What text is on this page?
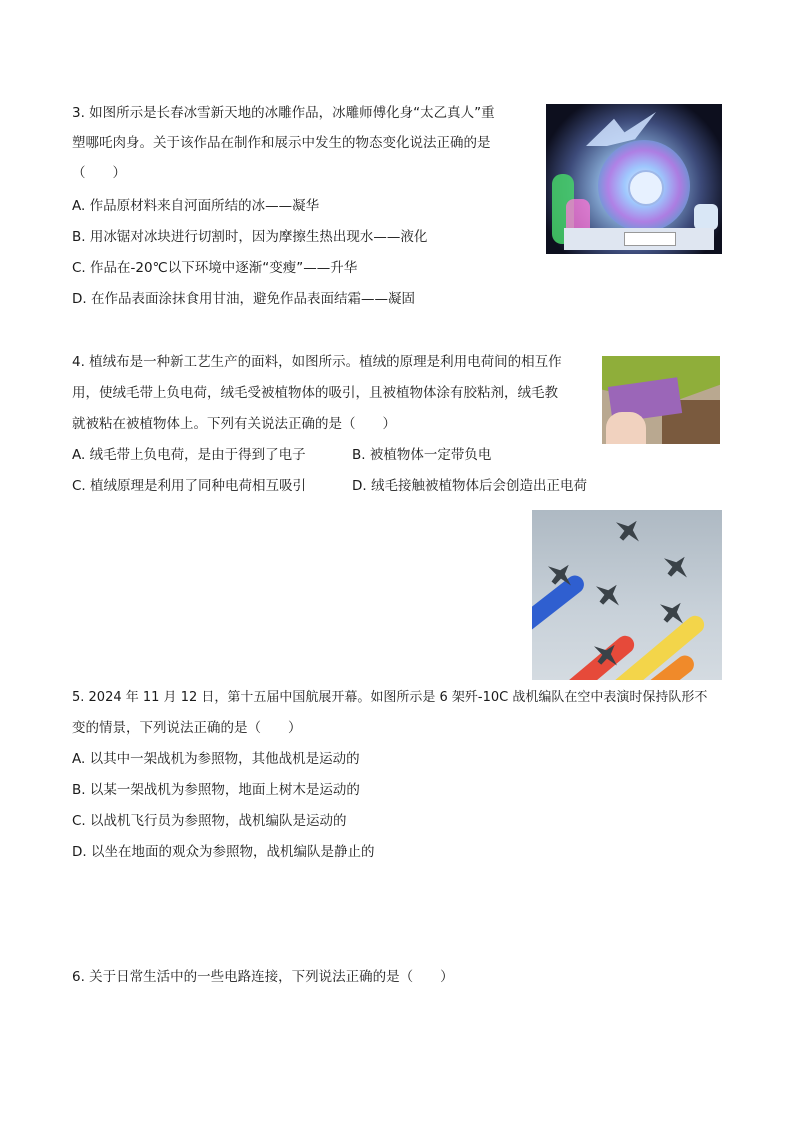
3. 如图所示是长春冰雪新天地的冰雕作品，冰雕师傅化身“太乙真人”重
塑哪吒肉身。关于该作品在制作和展示中发生的物态变化说法正确的是
（　　）
A. 作品原材料来自河面所结的冰——凝华
B. 用冰锯对冰块进行切割时，因为摩擦生热出现水——液化
C. 作品在-20℃以下环境中逐渐“变瘦”——升华
D. 在作品表面涂抹食用甘油，避免作品表面结霜——凝固
4. 植绒布是一种新工艺生产的面料，如图所示。植绒的原理是利用电荷间的相互作
用，使绒毛带上负电荷，绒毛受被植物体的吸引，且被植物体涂有胶粘剂，绒毛教
就被粘在被植物体上。下列有关说法正确的是（　　）
A. 绒毛带上负电荷，是由于得到了电子	B. 被植物体一定带负电
C. 植绒原理是利用了同种电荷相互吸引	D. 绒毛接触被植物体后会创造出正电荷
5. 2024 年 11 月 12 日，第十五届中国航展开幕。如图所示是 6 架歼-10C 战机编队在空中表演时保持队形不
变的情景，下列说法正确的是（　　）
A. 以其中一架战机为参照物，其他战机是运动的
B. 以某一架战机为参照物，地面上树木是运动的
C. 以战机飞行员为参照物，战机编队是运动的
D. 以坐在地面的观众为参照物，战机编队是静止的
6. 关于日常生活中的一些电路连接，下列说法正确的是（　　）
